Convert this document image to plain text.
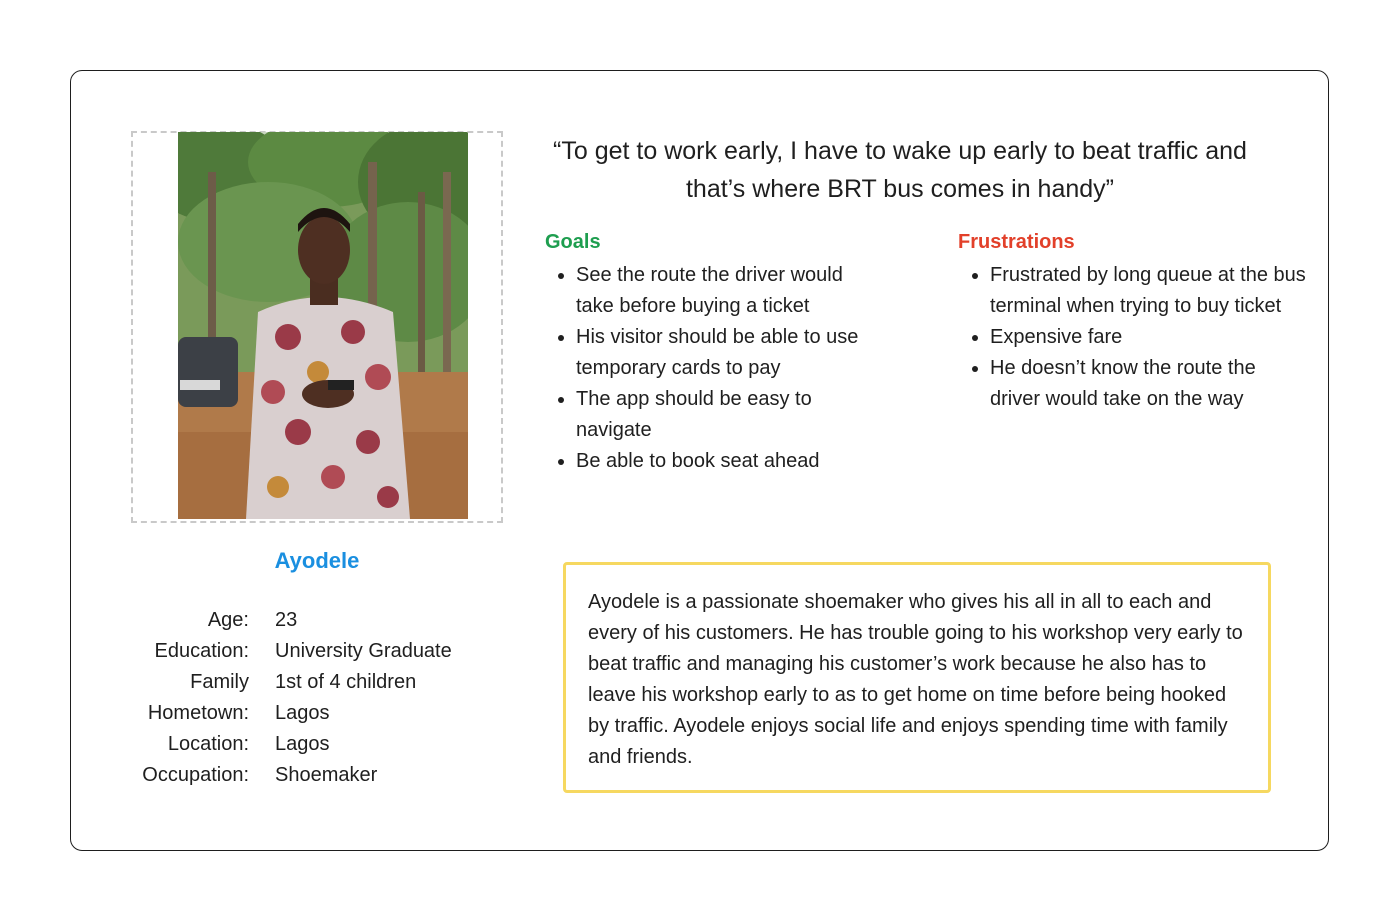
Ayodele
Age: 23
Education: University Graduate
Family 1st of 4 children
Hometown: Lagos
Location: Lagos
Occupation: Shoemaker
“To get to work early, I have to wake up early to beat traffic and that’s where BRT bus comes in handy”
Goals
• See the route the driver would take before buying a ticket
• His visitor should be able to use temporary cards to pay
• The app should be easy to navigate
• Be able to book seat ahead
Frustrations
• Frustrated by long queue at the bus terminal when trying to buy ticket
• Expensive fare
• He doesn’t know the route the driver would take on the way
Ayodele is a passionate shoemaker who gives his all in all to each and every of his customers. He has trouble going to his workshop very early to beat traffic and managing his customer’s work because he also has to leave his workshop early to as to get home on time before being hooked by traffic. Ayodele enjoys social life and enjoys spending time with family and friends.
